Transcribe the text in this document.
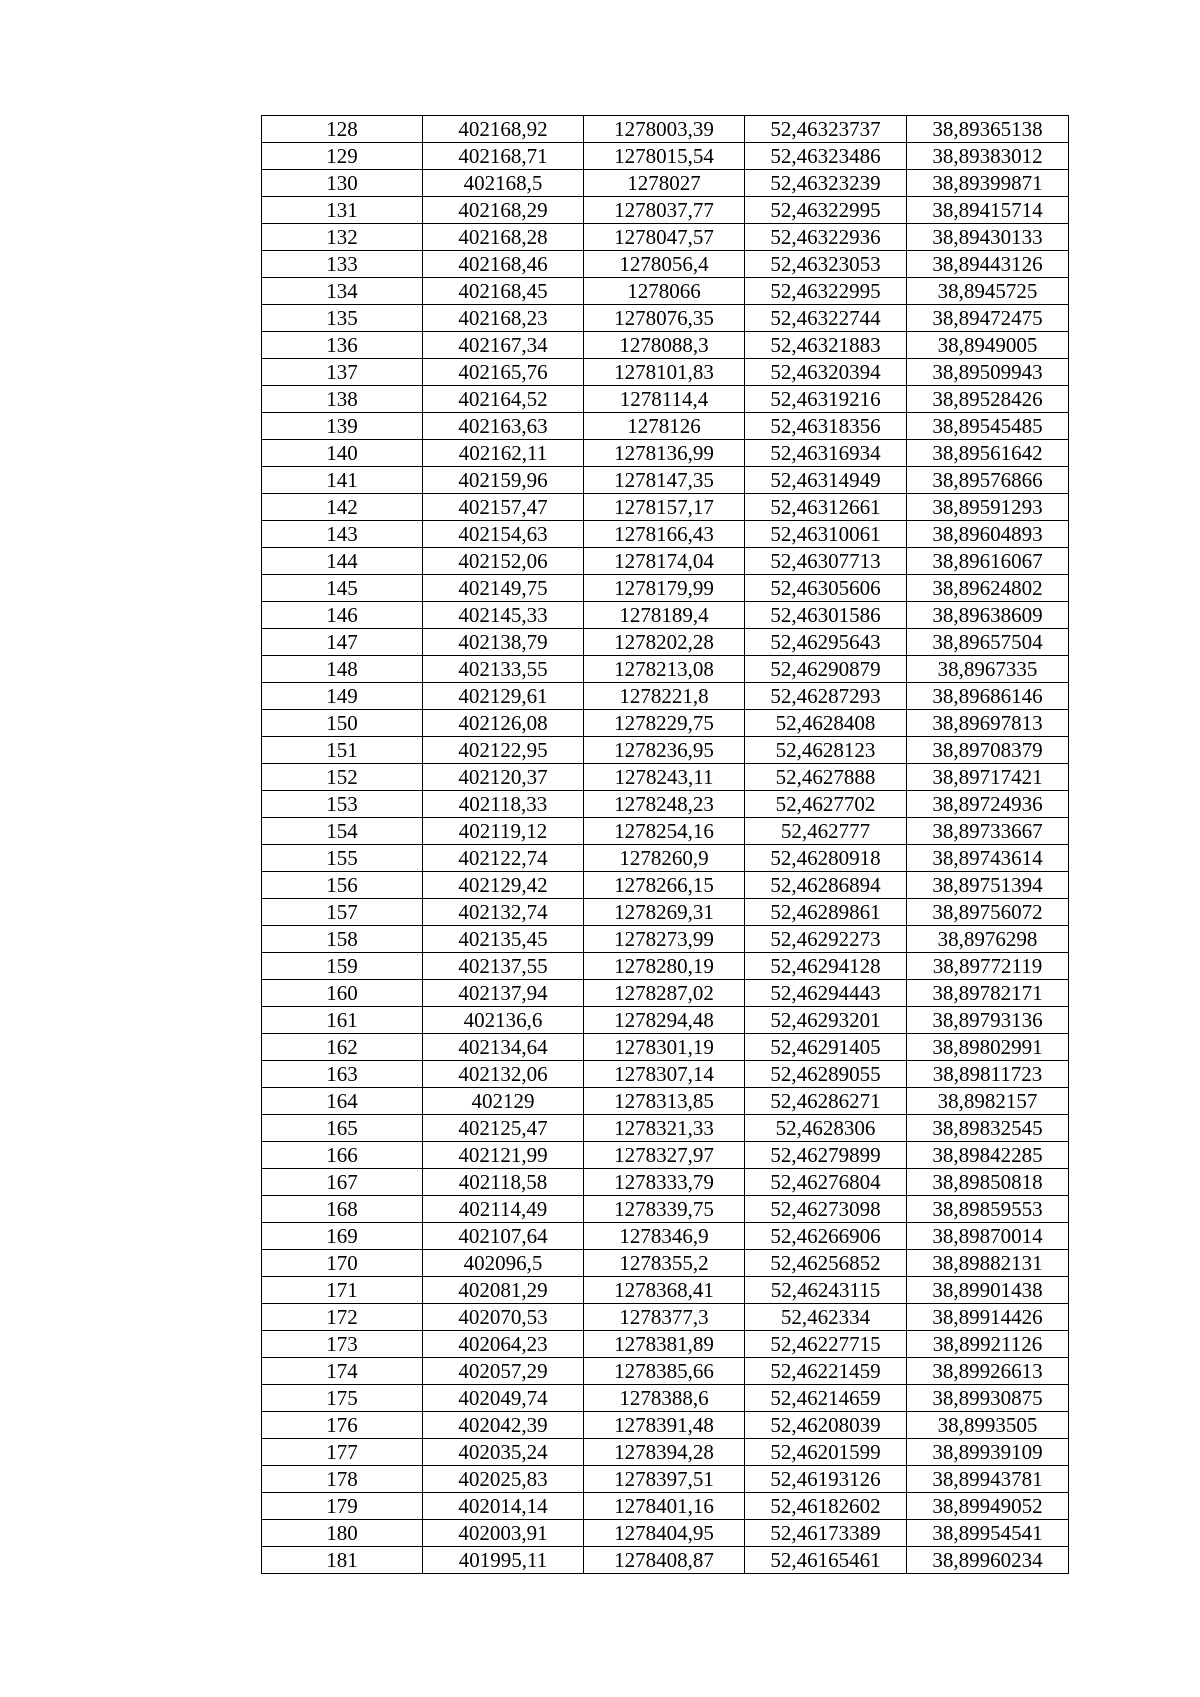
128	402168,92	1278003,39	52,46323737	38,89365138
129	402168,71	1278015,54	52,46323486	38,89383012
130	402168,5	1278027	52,46323239	38,89399871
131	402168,29	1278037,77	52,46322995	38,89415714
132	402168,28	1278047,57	52,46322936	38,89430133
133	402168,46	1278056,4	52,46323053	38,89443126
134	402168,45	1278066	52,46322995	38,8945725
135	402168,23	1278076,35	52,46322744	38,89472475
136	402167,34	1278088,3	52,46321883	38,8949005
137	402165,76	1278101,83	52,46320394	38,89509943
138	402164,52	1278114,4	52,46319216	38,89528426
139	402163,63	1278126	52,46318356	38,89545485
140	402162,11	1278136,99	52,46316934	38,89561642
141	402159,96	1278147,35	52,46314949	38,89576866
142	402157,47	1278157,17	52,46312661	38,89591293
143	402154,63	1278166,43	52,46310061	38,89604893
144	402152,06	1278174,04	52,46307713	38,89616067
145	402149,75	1278179,99	52,46305606	38,89624802
146	402145,33	1278189,4	52,46301586	38,89638609
147	402138,79	1278202,28	52,46295643	38,89657504
148	402133,55	1278213,08	52,46290879	38,8967335
149	402129,61	1278221,8	52,46287293	38,89686146
150	402126,08	1278229,75	52,4628408	38,89697813
151	402122,95	1278236,95	52,4628123	38,89708379
152	402120,37	1278243,11	52,4627888	38,89717421
153	402118,33	1278248,23	52,4627702	38,89724936
154	402119,12	1278254,16	52,462777	38,89733667
155	402122,74	1278260,9	52,46280918	38,89743614
156	402129,42	1278266,15	52,46286894	38,89751394
157	402132,74	1278269,31	52,46289861	38,89756072
158	402135,45	1278273,99	52,46292273	38,8976298
159	402137,55	1278280,19	52,46294128	38,89772119
160	402137,94	1278287,02	52,46294443	38,89782171
161	402136,6	1278294,48	52,46293201	38,89793136
162	402134,64	1278301,19	52,46291405	38,89802991
163	402132,06	1278307,14	52,46289055	38,89811723
164	402129	1278313,85	52,46286271	38,8982157
165	402125,47	1278321,33	52,4628306	38,89832545
166	402121,99	1278327,97	52,46279899	38,89842285
167	402118,58	1278333,79	52,46276804	38,89850818
168	402114,49	1278339,75	52,46273098	38,89859553
169	402107,64	1278346,9	52,46266906	38,89870014
170	402096,5	1278355,2	52,46256852	38,89882131
171	402081,29	1278368,41	52,46243115	38,89901438
172	402070,53	1278377,3	52,462334	38,89914426
173	402064,23	1278381,89	52,46227715	38,89921126
174	402057,29	1278385,66	52,46221459	38,89926613
175	402049,74	1278388,6	52,46214659	38,89930875
176	402042,39	1278391,48	52,46208039	38,8993505
177	402035,24	1278394,28	52,46201599	38,89939109
178	402025,83	1278397,51	52,46193126	38,89943781
179	402014,14	1278401,16	52,46182602	38,89949052
180	402003,91	1278404,95	52,46173389	38,89954541
181	401995,11	1278408,87	52,46165461	38,89960234
